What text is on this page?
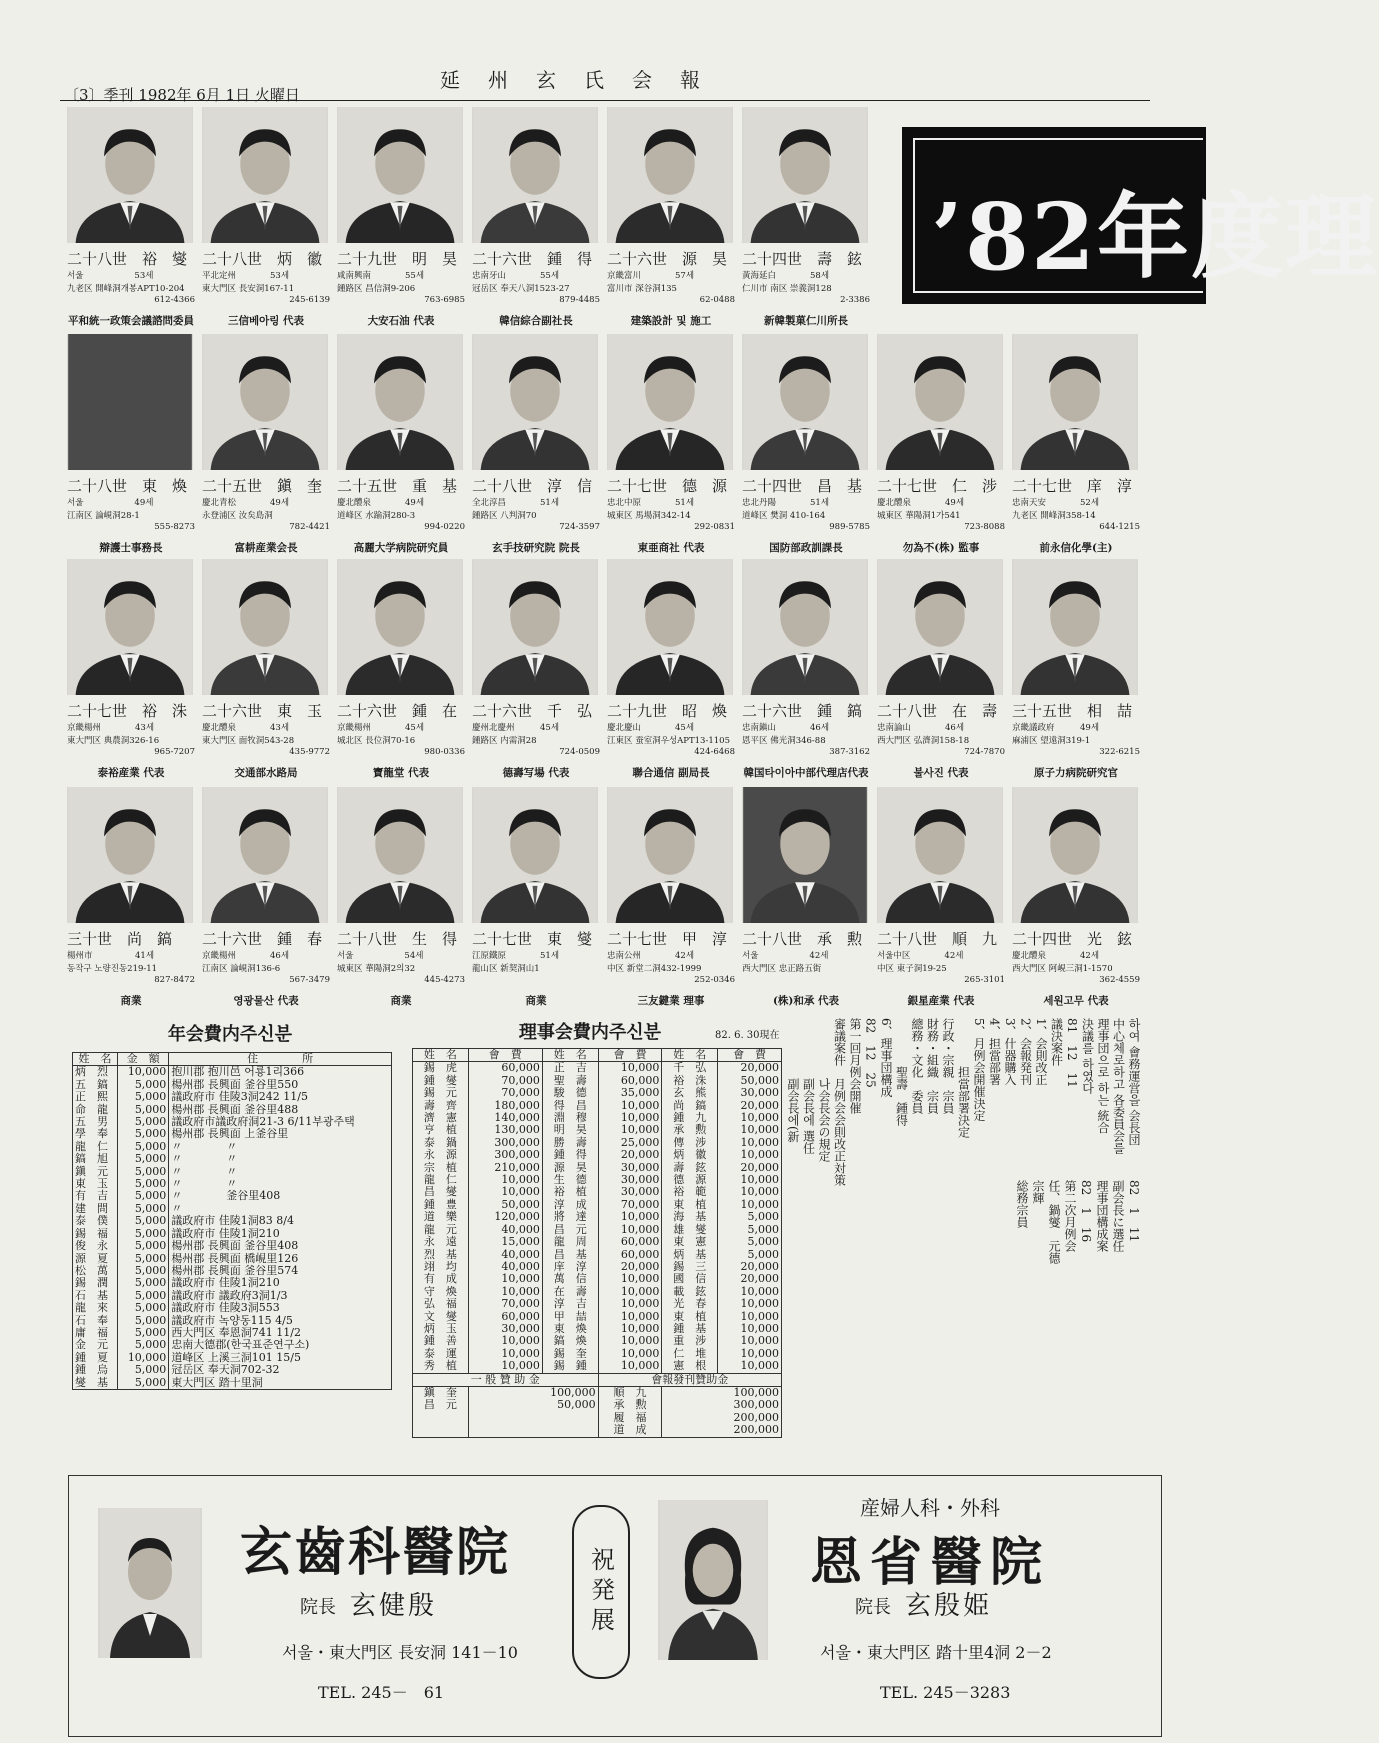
〔3〕季刊 1982年 6月 1日 火曜日
延州玄氏会報
’82年度理
二十八世　裕　燮
서울　　　　　　53세
九老区 開峰洞개봉APT10-204
612-4366
平和統一政策会議諮問委員
二十八世　炳　徽
平北定州　　　　53세
東大門区 長安洞167-11
245-6139
三信베아링 代表
二十九世　明　昊
咸南興南　　　　55세
鍾路区 昌信洞9-206
763-6985
大安石油 代表
二十六世　鍾　得
忠南牙山　　　　55세
冠岳区 奉天八洞1523-27
879-4485
韓信綜合副社長
二十六世　源　昊
京畿富川　　　　57세
富川市 深谷洞135
62-0488
建築設計 및 施工
二十四世　壽　鉉
黃海延白　　　　58세
仁川市 南区 崇義洞128
2-3386
新韓製菓仁川所長
二十八世　東　煥
서울　　　　　　49세
江南区 論峴洞28-1
555-8273
辯護士事務長
二十五世　鎭　奎
慶北青松　　　　49세
永登浦区 汝矣島洞
782-4421
富耕産業会長
二十五世　重　基
慶北醴泉　　　　49세
道峰区 水踰洞280-3
994-0220
高麗大学病院研究員
二十八世　淳　信
全北淳昌　　　　51세
鍾路区 八判洞70
724-3597
玄手技研究院 院長
二十七世　德　源
忠北中原　　　　51세
城東区 馬場洞342-14
292-0831
東亜商社 代表
二十四世　昌　基
忠北丹陽　　　　51세
道峰区 樊洞 410-164
989-5785
国防部政訓課長
二十七世　仁　涉
慶北醴泉　　　　49세
城東区 華陽洞1가541
723-8088
勿為不(株) 監事
二十七世　庠　淳
忠南天安　　　　52세
九老区 開峰洞358-14
644-1215
前永信化學(主)
二十七世　裕　洙
京畿楊州　　　　43세
東大門区 典農洞326-16
965-7207
泰裕産業 代表
二十六世　東　玉
慶北醴泉　　　　43세
東大門区 面牧洞543-28
435-9772
交通部水路局
二十六世　鍾　在
京畿楊州　　　　45세
城北区 長位洞70-16
980-0336
寶龍堂 代表
二十六世　千　弘
慶州北慶州　　　45세
鍾路区 内需洞28
724-0509
德壽写場 代表
二十九世　昭　煥
慶北慶山　　　　45세
江東区 蚕室洞우성APT13-1105
424-6468
聯合通信 副局長
二十六世　鍾　鎬
忠南鎭山　　　　46세
恩平区 佛光洞346-88
387-3162
韓国타이아中部代理店代表
二十八世　在　壽
忠南論山　　　　46세
西大門区 弘濟洞158-18
724-7870
불사진 代表
三十五世　相　喆
京畿議政府　　　49세
麻浦区 望遠洞319-1
322-6215
原子力病院研究官
三十世　尚　鎬
楊州市　　　　　41세
동작구 노량진동219-11
827-8472
商業
二十六世　鍾　春
京畿楊州　　　　46세
江南区 論峴洞136-6
567-3479
영광물산 代表
二十八世　生　得
서울　　　　　　54세
城東区 華陽洞2의32
445-4273
商業
二十七世　東　燮
江原鐵原　　　　51세
龍山区 新契洞山1
商業
二十七世　甲　淳
忠南公州　　　　42세
中区 新堂二洞432-1999
252-0346
三友鍵業 理事
二十八世　承　勲
서울　　　　　　42세
西大門区 忠正路五街
(株)和承 代表
二十八世　順　九
서울中区　　　　42세
中区 東子洞19-25
265-3101
銀星産業 代表
二十四世　光　鉉
慶北醴泉　　　　42세
西大門区 阿峴三洞1-1570
362-4559
세원고무 代表
年会費内주신분
姓　名	金　額	住　　　　所
炳　烈	10,000	抱川郡 抱川邑 어룡1리366
五　鎬	5,000	楊州郡 長興面 釜谷里550
正　熙	5,000	議政府市 佳陵3洞242 11/5
命　龍	5,000	楊州郡 長興面 釜谷里488
五　男	5,000	議政府市議政府洞21-3 6/11부광주택
學　奉	5,000	楊州郡 長興面 上釜谷里
龍　仁	5,000	〃　　　　〃
鎬　旭	5,000	〃　　　　〃
鎭　元	5,000	〃　　　　〃
東　玉	5,000	〃　　　　〃
有　吉	5,000	〃　　　　釜谷里408
建　問	5,000	〃
泰　僕	5,000	議政府市 佳陵1洞83 8/4
錫　福	5,000	議政府市 佳陵1洞210
俊　永	5,000	楊州郡 長興面 釜谷里408
源　夏	5,000	楊州郡 長興面 橋峴里126
松　萬	5,000	楊州郡 長興面 釜谷里574
錫　潤	5,000	議政府市 佳陵1洞210
石　基	5,000	議政府市 議政府3洞1/3
龍　來	5,000	議政府市 佳陵3洞553
石　奉	5,000	議政府市 녹양동115 4/5
庸　福	5,000	西大門区 奉恩洞741 11/2
金　元	5,000	忠南大德郡(한국표준연구소)
鍾　夏	10,000	道峰区 上溪三洞101 15/5
鍾　烏	5,000	冠岳区 奉天洞702-32
燮　基	5,000	東大門区 踏十里洞
理事会費内주신분	82. 6. 30現在
姓　名	會　費	姓　名	會　費	姓　名	會　費
錫　虎	60,000	正　吉	10,000	千　弘	20,000
鍾　燮	70,000	聖　壽	60,000	裕　洙	50,000
錫　元	70,000	駿　德	35,000	玄　熊	30,000
壽　齊	180,000	得　昌	10,000	尚　鎬	20,000
濟　憲	140,000	淵　穆	10,000	鍾　九	10,000
亨　植	130,000	明　昊	10,000	承　勲	10,000
泰　鍋	300,000	勝　壽	25,000	傳　涉	10,000
永　源	300,000	鍾　得	20,000	炳　徽	10,000
宗　植	210,000	源　昊	30,000	壽　鉉	20,000
龍　仁	10,000	生　德	30,000	德　源	10,000
昌　燮	10,000	裕　植	30,000	裕　範	10,000
鍾　豊	50,000	淳　成	70,000	東　植	10,000
道　樂	120,000	將　達	10,000	海　基	5,000
龍　元	40,000	昌　元	10,000	雄　燮	5,000
永　遠	15,000	龍　周	60,000	東　憲	5,000
烈　基	40,000	昌　基	60,000	炳　基	5,000
翊　均	40,000	庠　淳	20,000	錫　三	20,000
有　成	10,000	萬　信	10,000	國　信	20,000
守　煥	10,000	在　壽	10,000	載　鉉	10,000
弘　福	70,000	淳　吉	10,000	光　春	10,000
文　燮	60,000	甲　喆	10,000	東　植	10,000
炳　玉	30,000	東　煥	10,000	鍾　基	10,000
鍾　善	10,000	鎬　煥	10,000	重　涉	10,000
泰　運	10,000	錫　奎	10,000	仁　堆	10,000
秀　植	10,000	錫　鍾	10,000	憲　根	10,000
一 般 贊 助 金			會報發刊贊助金		
鎭　奎	100,000		順　九	100,000	
昌　元	50,000		承　勲	300,000	
			履　福	200,000	
			道　成	200,000	
하여 會務運営을 会長団
中心체로하고 各委員会를
理事団으로 하는 統合
決議를 하였다
81　12　11
議決案件
1、会則改正
2、会報発刊
3、什器購入
4、担當部署
5、月例会開催決定
　　　　担當部署決定
行政・宗親　宗員
財務・組織　宗員
總務・文化　委員
　　　　聖壽　鍾得
6、理事団構成
82　12　25
第一回月例会開催
審議案件　月例会会則改正対策
　　　　　나会長会の規定
　　　　　副会長에 選任
　　　　　副会長에(新
82　1　11
副会長に選任
理事団構成案
82　1　16
第二次月例会
任、鍋燮　元德
宗輝
総務宗員
玄齒科醫院
院長 玄健殷
서울・東大門区 長安洞 141－10
TEL. 245－　61
祝発展
産婦人科・外科
恩省醫院
院長 玄殷姫
서울・東大門区 踏十里4洞 2－2
TEL. 245－3283
